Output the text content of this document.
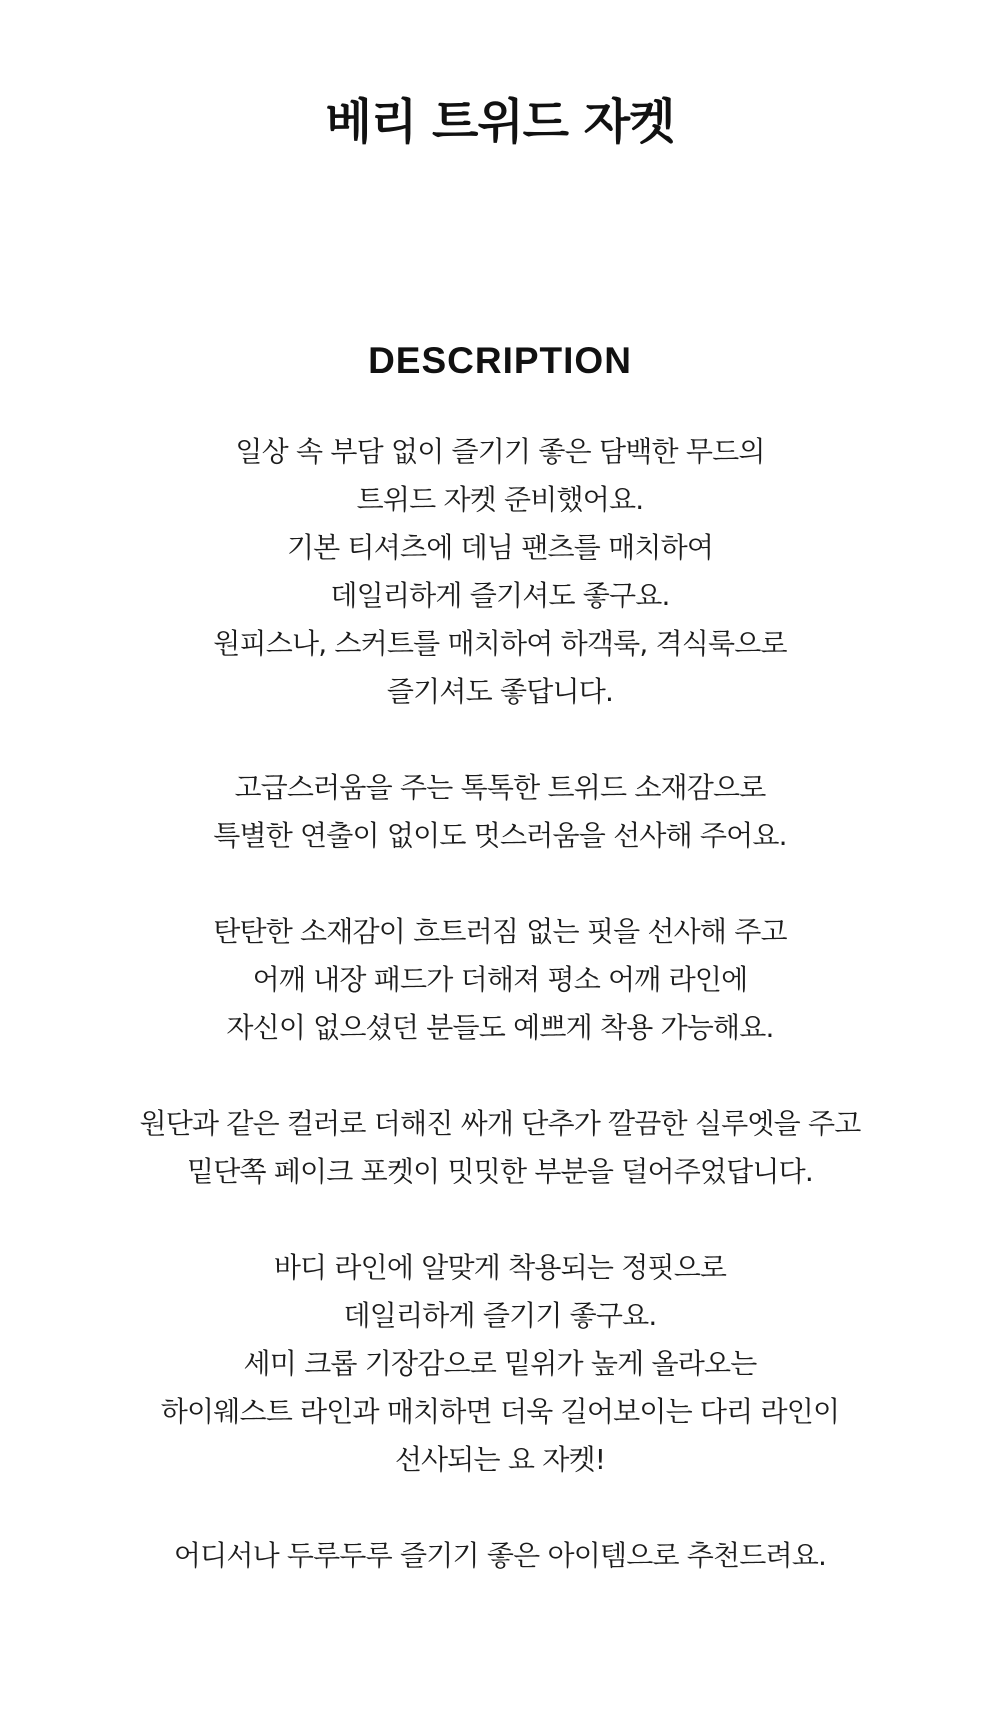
베리 트위드 자켓
DESCRIPTION

일상 속 부담 없이 즐기기 좋은 담백한 무드의
트위드 자켓 준비했어요.
기본 티셔츠에 데님 팬츠를 매치하여
데일리하게 즐기셔도 좋구요.
원피스나, 스커트를 매치하여 하객룩, 격식룩으로
즐기셔도 좋답니다.

고급스러움을 주는 톡톡한 트위드 소재감으로
특별한 연출이 없이도 멋스러움을 선사해 주어요.

탄탄한 소재감이 흐트러짐 없는 핏을 선사해 주고
어깨 내장 패드가 더해져 평소 어깨 라인에
자신이 없으셨던 분들도 예쁘게 착용 가능해요.

원단과 같은 컬러로 더해진 싸개 단추가 깔끔한 실루엣을 주고
밑단쪽 페이크 포켓이 밋밋한 부분을 덜어주었답니다.

바디 라인에 알맞게 착용되는 정핏으로
데일리하게 즐기기 좋구요.
세미 크롭 기장감으로 밑위가 높게 올라오는
하이웨스트 라인과 매치하면 더욱 길어보이는 다리 라인이
선사되는 요 자켓!

어디서나 두루두루 즐기기 좋은 아이템으로 추천드려요.
